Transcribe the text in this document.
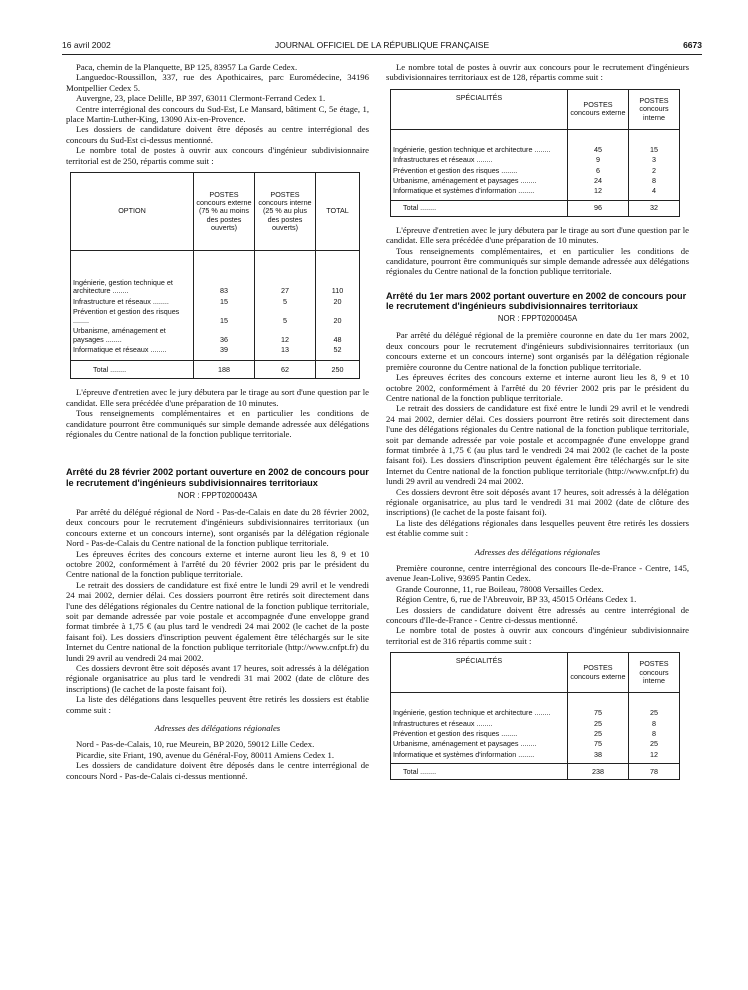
16 avril 2002	JOURNAL OFFICIEL DE LA RÉPUBLIQUE FRANÇAISE	6673

Paca, chemin de la Planquette, BP 125, 83957 La Garde Cedex.

Languedoc-Roussillon, 337, rue des Apothicaires, parc Euromédecine, 34196 Montpellier Cedex 5.

Auvergne, 23, place Delille, BP 397, 63011 Clermont-Ferrand Cedex 1.

Centre interrégional des concours du Sud-Est, Le Mansard, bâtiment C, 5e étage, 1, place Martin-Luther-King, 13090 Aix-en-Provence.

Les dossiers de candidature doivent être déposés au centre interrégional des concours du Sud-Est ci-dessus mentionné.

Le nombre total de postes à ouvrir aux concours d'ingénieur subdivisionnaire territorial est de 250, répartis comme suit :

OPTION	POSTES concours externe (75 % au moins des postes ouverts)	POSTES concours interne (25 % au plus des postes ouverts)	TOTAL
Ingénierie, gestion technique et architecture .....	83	27	110
Infrastructure et réseaux .....	15	5	20
Prévention et gestion des risques .....	15	5	20
Urbanisme, aménagement et paysages .....	36	12	48
Informatique et réseaux .....	39	13	52
Total .....	188	62	250

L'épreuve d'entretien avec le jury débutera par le tirage au sort d'une question par le candidat. Elle sera précédée d'une préparation de 10 minutes.

Tous renseignements complémentaires et en particulier les conditions de candidature pourront être communiqués sur simple demande adressée aux délégations régionales du Centre national de la fonction publique territoriale.

Arrêté du 28 février 2002 portant ouverture en 2002 de concours pour le recrutement d'ingénieurs subdivisionnaires territoriaux
NOR : FPPT0200043A

Par arrêté du délégué régional de Nord - Pas-de-Calais en date du 28 février 2002, deux concours pour le recrutement d'ingénieurs subdivisionnaires territoriaux (un concours externe et un concours interne), sont organisés par la délégation régionale Nord - Pas-de-Calais du Centre national de la fonction publique territoriale.

Les épreuves écrites des concours externe et interne auront lieu les 8, 9 et 10 octobre 2002, conformément à l'arrêté du 20 février 2002 pris par le président du Centre national de la fonction publique territoriale.

Le retrait des dossiers de candidature est fixé entre le lundi 29 avril et le vendredi 24 mai 2002, dernier délai. Ces dossiers pourront être retirés soit directement dans l'une des délégations régionales du Centre national de la fonction publique territoriale, soit par demande adressée par voie postale et accompagnée d'une enveloppe grand format timbrée à 1,75 € (au plus tard le vendredi 24 mai 2002 (le cachet de la poste faisant foi). Les dossiers d'inscription peuvent également être téléchargés sur le site Internet du Centre national de la fonction publique territoriale (http://www.cnfpt.fr) du lundi 29 avril au vendredi 24 mai 2002.

Ces dossiers devront être soit déposés avant 17 heures, soit adressés à la délégation régionale organisatrice au plus tard le vendredi 31 mai 2002 (date de clôture des inscriptions) (le cachet de la poste faisant foi).

La liste des délégations dans lesquelles peuvent être retirés les dossiers est établie comme suit :

Adresses des délégations régionales

Nord - Pas-de-Calais, 10, rue Meurein, BP 2020, 59012 Lille Cedex.

Picardie, site Friant, 190, avenue du Général-Foy, 80011 Amiens Cedex 1.

Les dossiers de candidature doivent être déposés dans le centre interrégional de concours Nord - Pas-de-Calais ci-dessus mentionné.

Le nombre total de postes à ouvrir aux concours pour le recrutement d'ingénieurs subdivisionnaires territoriaux est de 128, répartis comme suit :

SPÉCIALITÉS	POSTES concours externe	POSTES concours interne
Ingénierie, gestion technique et architecture .....	45	15
Infrastructures et réseaux .....	9	3
Prévention et gestion des risques .....	6	2
Urbanisme, aménagement et paysages .....	24	8
Informatique et systèmes d'information .....	12	4
Total .....	96	32

L'épreuve d'entretien avec le jury débutera par le tirage au sort d'une question par le candidat. Elle sera précédée d'une préparation de 10 minutes.

Tous renseignements complémentaires, et en particulier les conditions de candidature, pourront être communiqués sur simple demande adressée aux délégations régionales du Centre national de la fonction publique territoriale.

Arrêté du 1er mars 2002 portant ouverture en 2002 de concours pour le recrutement d'ingénieurs subdivisionnaires territoriaux
NOR : FPPT0200045A

Par arrêté du délégué régional de la première couronne en date du 1er mars 2002, deux concours pour le recrutement d'ingénieurs subdivisionnaires territoriaux (un concours externe et un concours interne) sont organisés par la délégation régionale première couronne du Centre national de la fonction publique territoriale.

Les épreuves écrites des concours externe et interne auront lieu les 8, 9 et 10 octobre 2002, conformément à l'arrêté du 20 février 2002 pris par le président du Centre national de la fonction publique territoriale.

Le retrait des dossiers de candidature est fixé entre le lundi 29 avril et le vendredi 24 mai 2002, dernier délai. Ces dossiers pourront être retirés soit directement dans l'une des délégations régionales du Centre national de la fonction publique territoriale, soit par demande adressée par voie postale et accompagnée d'une enveloppe grand format timbrée à 1,75 € (au plus tard le vendredi 24 mai 2002 (le cachet de la poste faisant foi). Les dossiers d'inscription peuvent également être téléchargés sur le site Internet du Centre national de la fonction publique territoriale (http://www.cnfpt.fr) du lundi 29 avril au vendredi 24 mai 2002.

Ces dossiers devront être soit déposés avant 17 heures, soit adressés à la délégation régionale organisatrice, au plus tard le vendredi 31 mai 2002 (date de clôture des inscriptions) (le cachet de la poste faisant foi).

La liste des délégations régionales dans lesquelles peuvent être retirés les dossiers est établie comme suit :

Adresses des délégations régionales

Première couronne, centre interrégional des concours Ile-de-France - Centre, 145, avenue Jean-Lolive, 93695 Pantin Cedex.

Grande Couronne, 11, rue Boileau, 78008 Versailles Cedex.

Région Centre, 6, rue de l'Abreuvoir, BP 33, 45015 Orléans Cedex 1.

Les dossiers de candidature doivent être adressés au centre interrégional de concours d'Ile-de-France - Centre ci-dessus mentionné.

Le nombre total de postes à ouvrir aux concours d'ingénieur subdivisionnaire territorial est de 316 répartis comme suit :

SPÉCIALITÉS	POSTES concours externe	POSTES concours interne
Ingénierie, gestion technique et architecture .....	75	25
Infrastructures et réseaux .....	25	8
Prévention et gestion des risques .....	25	8
Urbanisme, aménagement et paysages .....	75	25
Informatique et systèmes d'information .....	38	12
Total .....	238	78
